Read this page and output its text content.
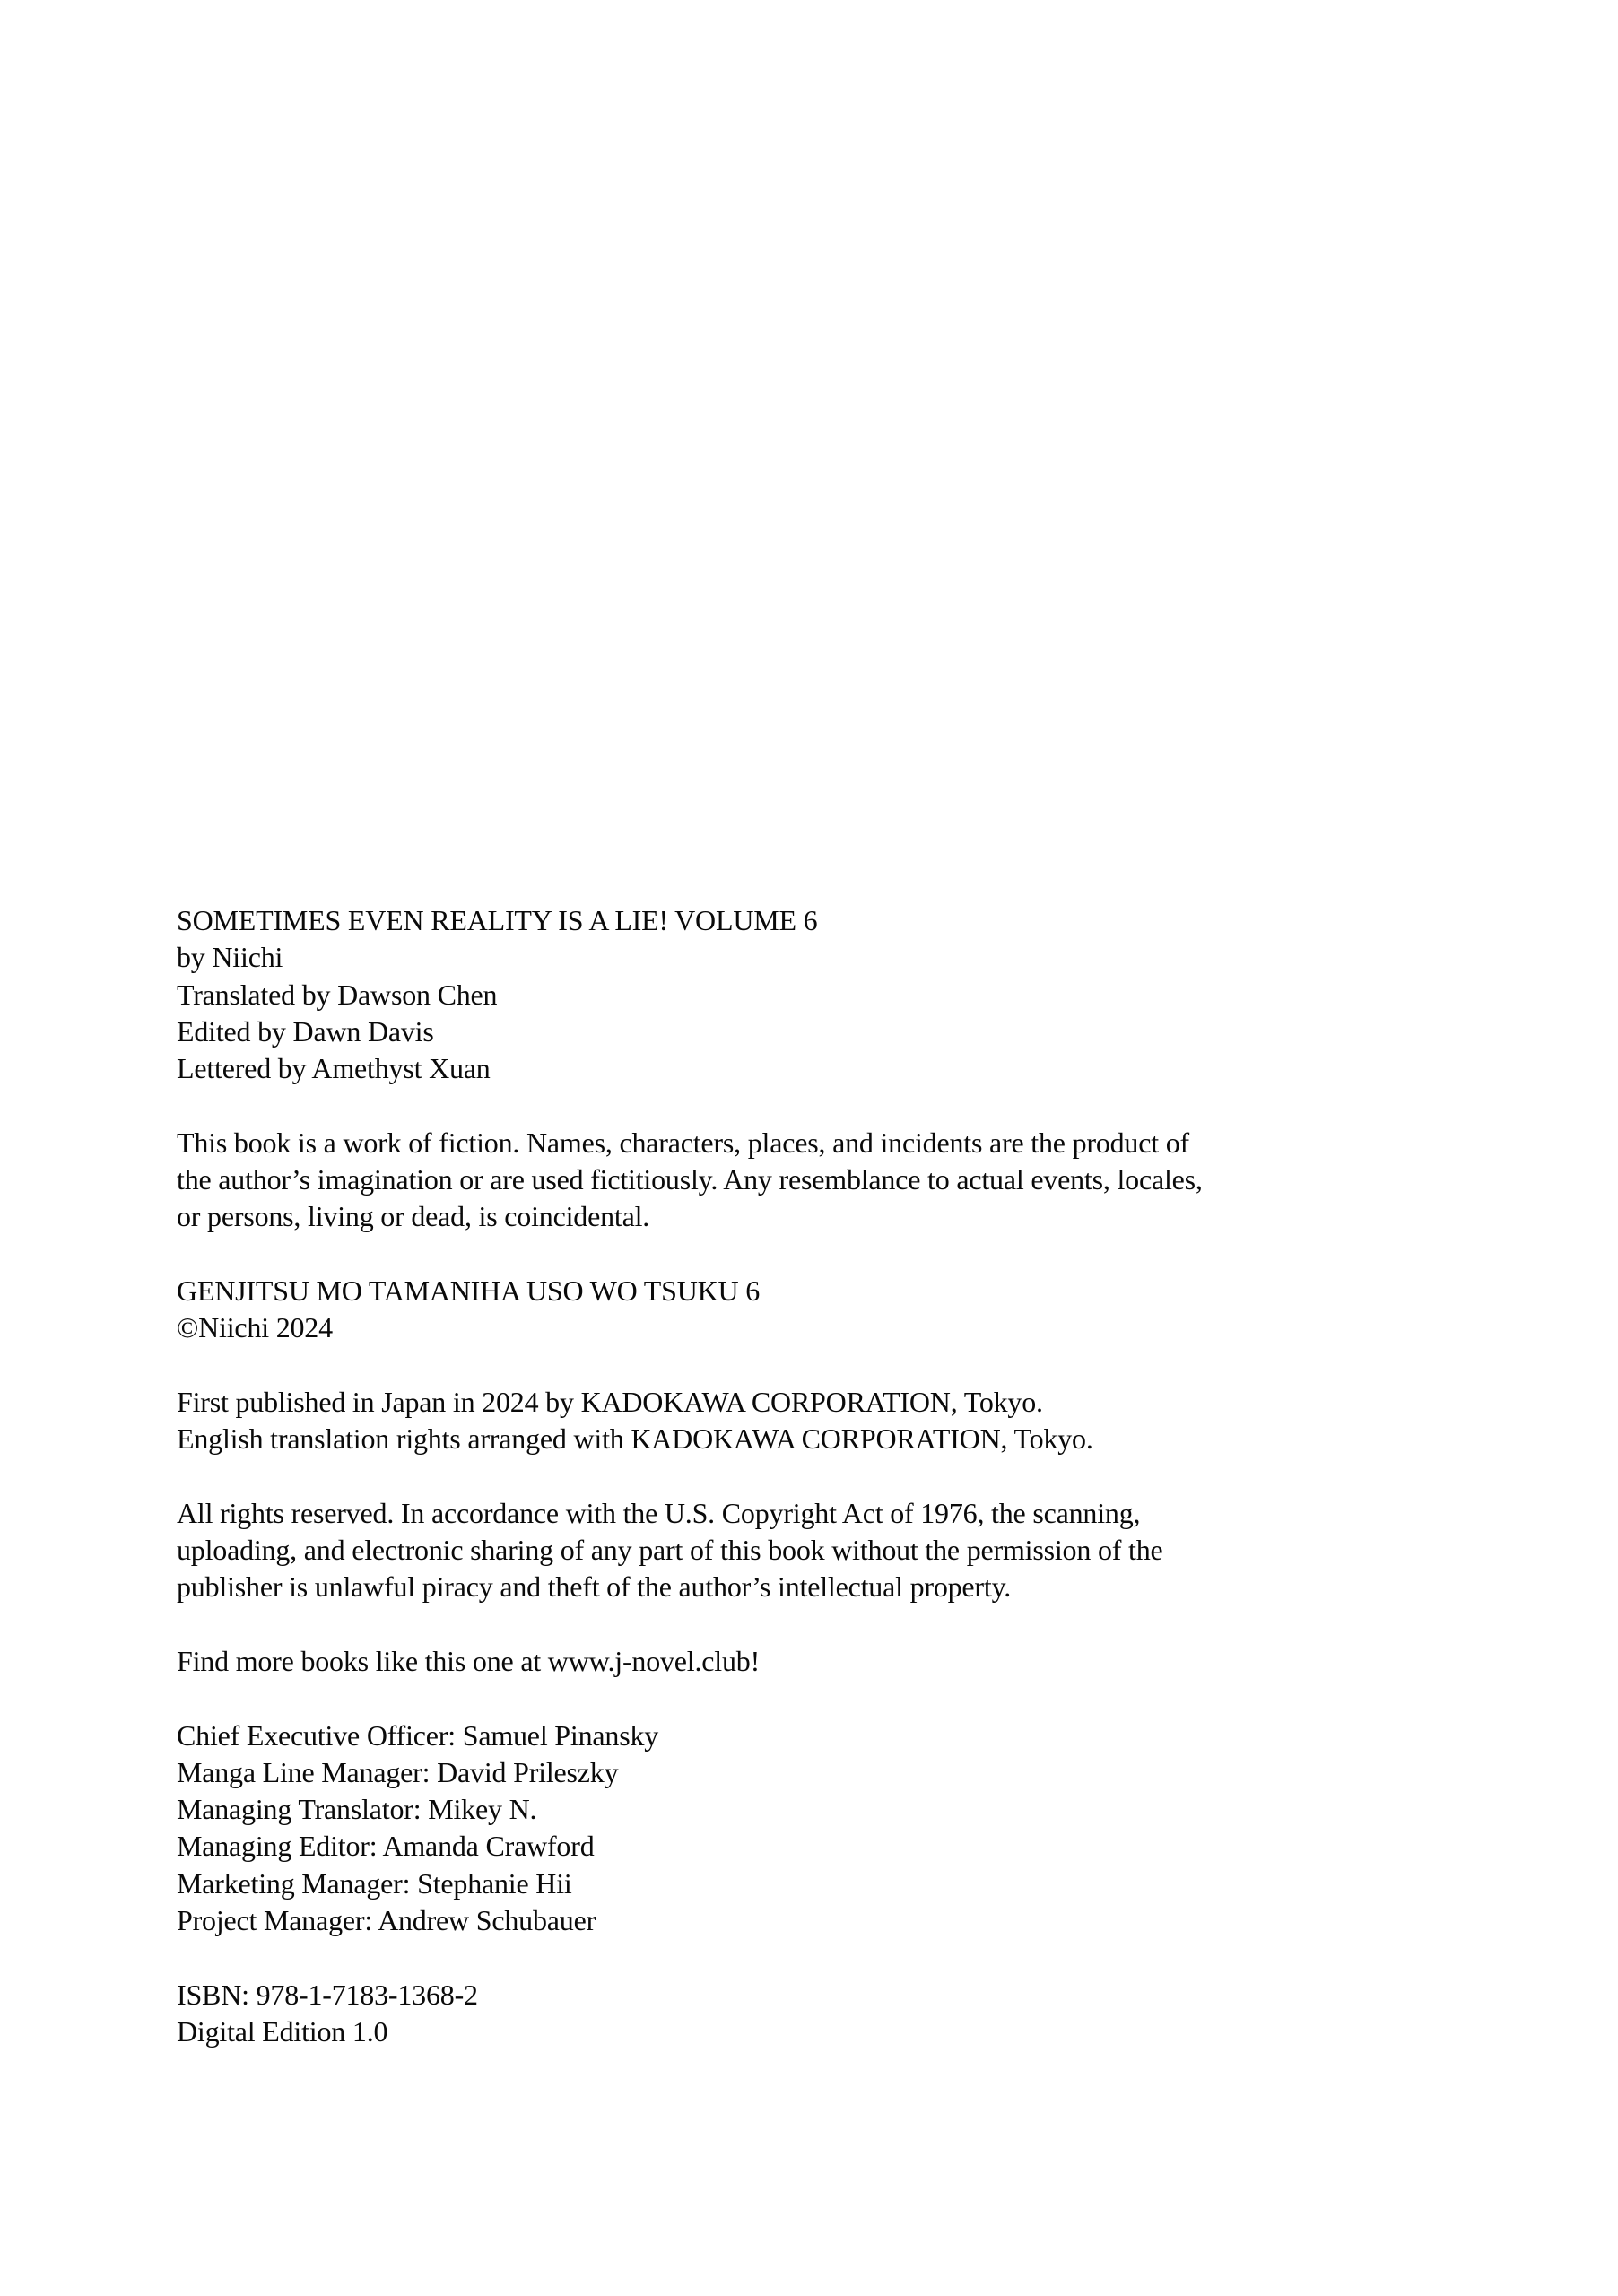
SOMETIMES EVEN REALITY IS A LIE! VOLUME 6
by Niichi
Translated by Dawson Chen
Edited by Dawn Davis
Lettered by Amethyst Xuan

This book is a work of fiction. Names, characters, places, and incidents are the product of
the author’s imagination or are used fictitiously. Any resemblance to actual events, locales,
or persons, living or dead, is coincidental.

GENJITSU MO TAMANIHA USO WO TSUKU 6
©Niichi 2024

First published in Japan in 2024 by KADOKAWA CORPORATION, Tokyo.
English translation rights arranged with KADOKAWA CORPORATION, Tokyo.

All rights reserved. In accordance with the U.S. Copyright Act of 1976, the scanning,
uploading, and electronic sharing of any part of this book without the permission of the
publisher is unlawful piracy and theft of the author’s intellectual property.

Find more books like this one at www.j-novel.club!

Chief Executive Officer: Samuel Pinansky
Manga Line Manager: David Prileszky
Managing Translator: Mikey N.
Managing Editor: Amanda Crawford
Marketing Manager: Stephanie Hii
Project Manager: Andrew Schubauer

ISBN: 978-1-7183-1368-2
Digital Edition 1.0
